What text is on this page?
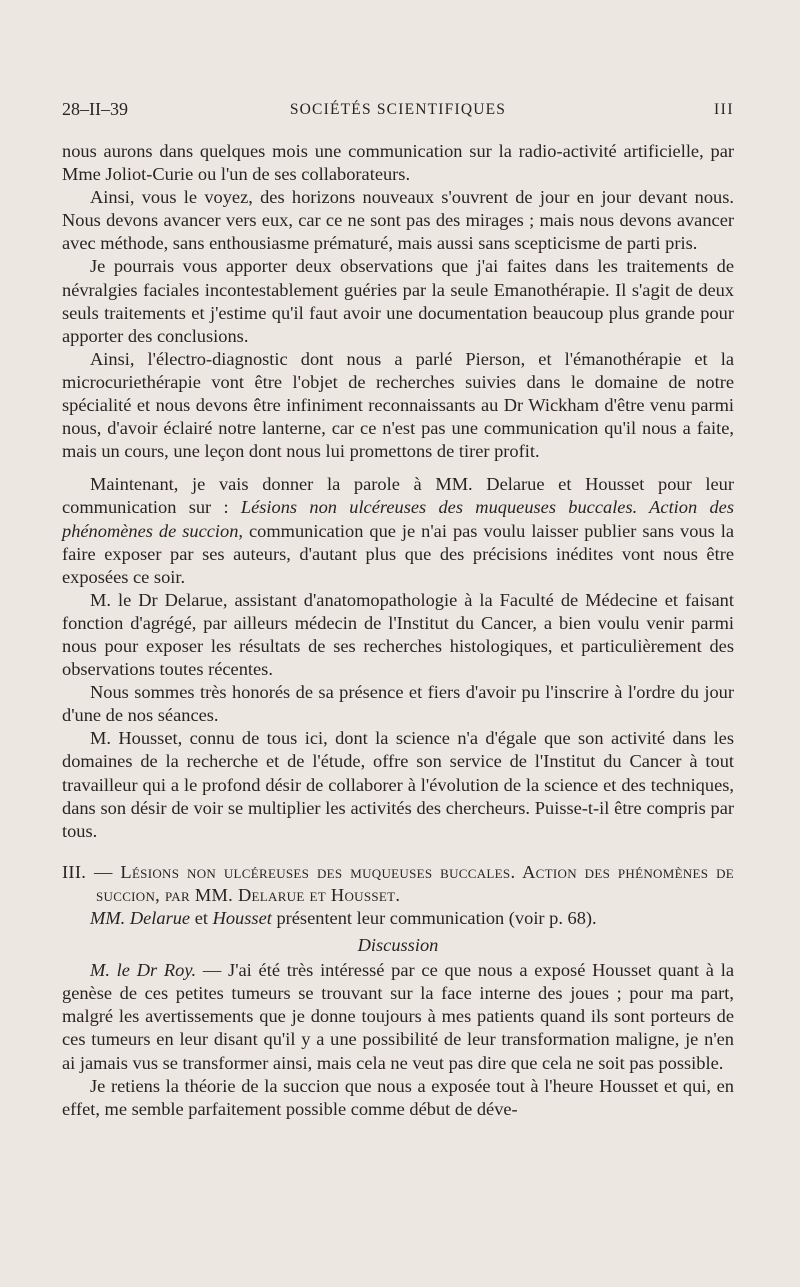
28–II–39	SOCIÉTÉS SCIENTIFIQUES	III

nous aurons dans quelques mois une communication sur la radio-activité artificielle, par Mme Joliot-Curie ou l'un de ses collaborateurs.

Ainsi, vous le voyez, des horizons nouveaux s'ouvrent de jour en jour devant nous. Nous devons avancer vers eux, car ce ne sont pas des mirages ; mais nous devons avancer avec méthode, sans enthousiasme prématuré, mais aussi sans scepticisme de parti pris.

Je pourrais vous apporter deux observations que j'ai faites dans les traitements de névralgies faciales incontestablement guéries par la seule Emanothérapie. Il s'agit de deux seuls traitements et j'estime qu'il faut avoir une documentation beaucoup plus grande pour apporter des conclusions.

Ainsi, l'électro-diagnostic dont nous a parlé Pierson, et l'émanothérapie et la microcuriethérapie vont être l'objet de recherches suivies dans le domaine de notre spécialité et nous devons être infiniment reconnaissants au Dr Wickham d'être venu parmi nous, d'avoir éclairé notre lanterne, car ce n'est pas une communication qu'il nous a faite, mais un cours, une leçon dont nous lui promettons de tirer profit.

Maintenant, je vais donner la parole à MM. Delarue et Housset pour leur communication sur : Lésions non ulcéreuses des muqueuses buccales. Action des phénomènes de succion, communication que je n'ai pas voulu laisser publier sans vous la faire exposer par ses auteurs, d'autant plus que des précisions inédites vont nous être exposées ce soir.

M. le Dr Delarue, assistant d'anatomopathologie à la Faculté de Médecine et faisant fonction d'agrégé, par ailleurs médecin de l'Institut du Cancer, a bien voulu venir parmi nous pour exposer les résultats de ses recherches histologiques, et particulièrement des observations toutes récentes.

Nous sommes très honorés de sa présence et fiers d'avoir pu l'inscrire à l'ordre du jour d'une de nos séances.

M. Housset, connu de tous ici, dont la science n'a d'égale que son activité dans les domaines de la recherche et de l'étude, offre son service de l'Institut du Cancer à tout travailleur qui a le profond désir de collaborer à l'évolution de la science et des techniques, dans son désir de voir se multiplier les activités des chercheurs. Puisse-t-il être compris par tous.

III. — Lésions non ulcéreuses des muqueuses buccales. Action des phénomènes de succion, par MM. Delarue et Housset.

MM. Delarue et Housset présentent leur communication (voir p. 68).

Discussion

M. le Dr Roy. — J'ai été très intéressé par ce que nous a exposé Housset quant à la genèse de ces petites tumeurs se trouvant sur la face interne des joues ; pour ma part, malgré les avertissements que je donne toujours à mes patients quand ils sont porteurs de ces tumeurs en leur disant qu'il y a une possibilité de leur transformation maligne, je n'en ai jamais vus se transformer ainsi, mais cela ne veut pas dire que cela ne soit pas possible.

Je retiens la théorie de la succion que nous a exposée tout à l'heure Housset et qui, en effet, me semble parfaitement possible comme début de déve-
